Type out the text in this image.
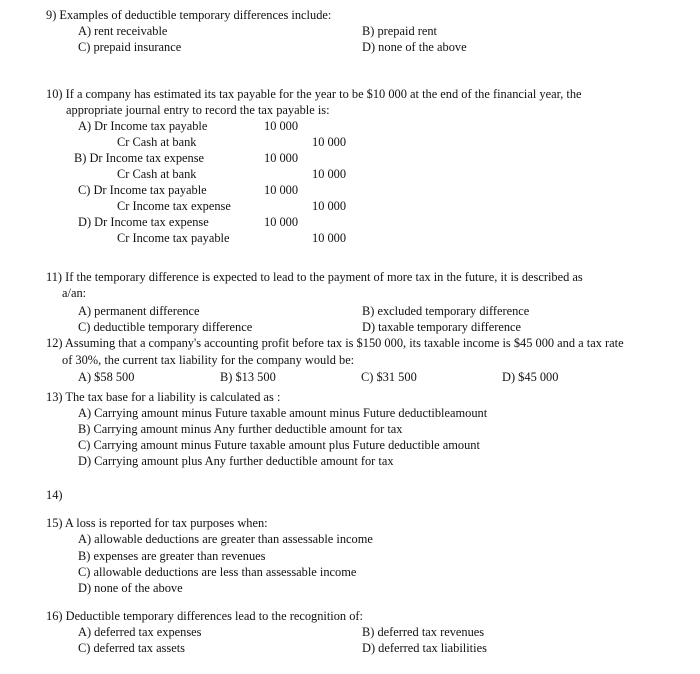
9) Examples of deductible temporary differences include:
A) rent receivable	B) prepaid rent
C) prepaid insurance	D) none of the above
10) If a company has estimated its tax payable for the year to be $10 000 at the end of the financial year, the
appropriate journal entry to record the tax payable is:
A) Dr Income tax payable	10 000
Cr Cash at bank	10 000
B) Dr Income tax expense	10 000
Cr Cash at bank	10 000
C) Dr Income tax payable	10 000
Cr Income tax expense	10 000
D) Dr Income tax expense	10 000
Cr Income tax payable	10 000
11) If the temporary difference is expected to lead to the payment of more tax in the future, it is described as
a/an:
A) permanent difference	B) excluded temporary difference
C) deductible temporary difference	D) taxable temporary difference
12) Assuming that a company's accounting profit before tax is $150 000, its taxable income is $45 000 and a tax rate
of 30%, the current tax liability for the company would be:
A) $58 500	B) $13 500	C) $31 500	D) $45 000
13) The tax base for a liability is calculated as :
A) Carrying amount minus Future taxable amount minus Future deductibleamount
B) Carrying amount minus Any further deductible amount for tax
C) Carrying amount minus Future taxable amount plus Future deductible amount
D) Carrying amount plus Any further deductible amount for tax
14)
15) A loss is reported for tax purposes when:
A) allowable deductions are greater than assessable income
B) expenses are greater than revenues
C) allowable deductions are less than assessable income
D) none of the above
16) Deductible temporary differences lead to the recognition of:
A) deferred tax expenses	B) deferred tax revenues
C) deferred tax assets	D) deferred tax liabilities
